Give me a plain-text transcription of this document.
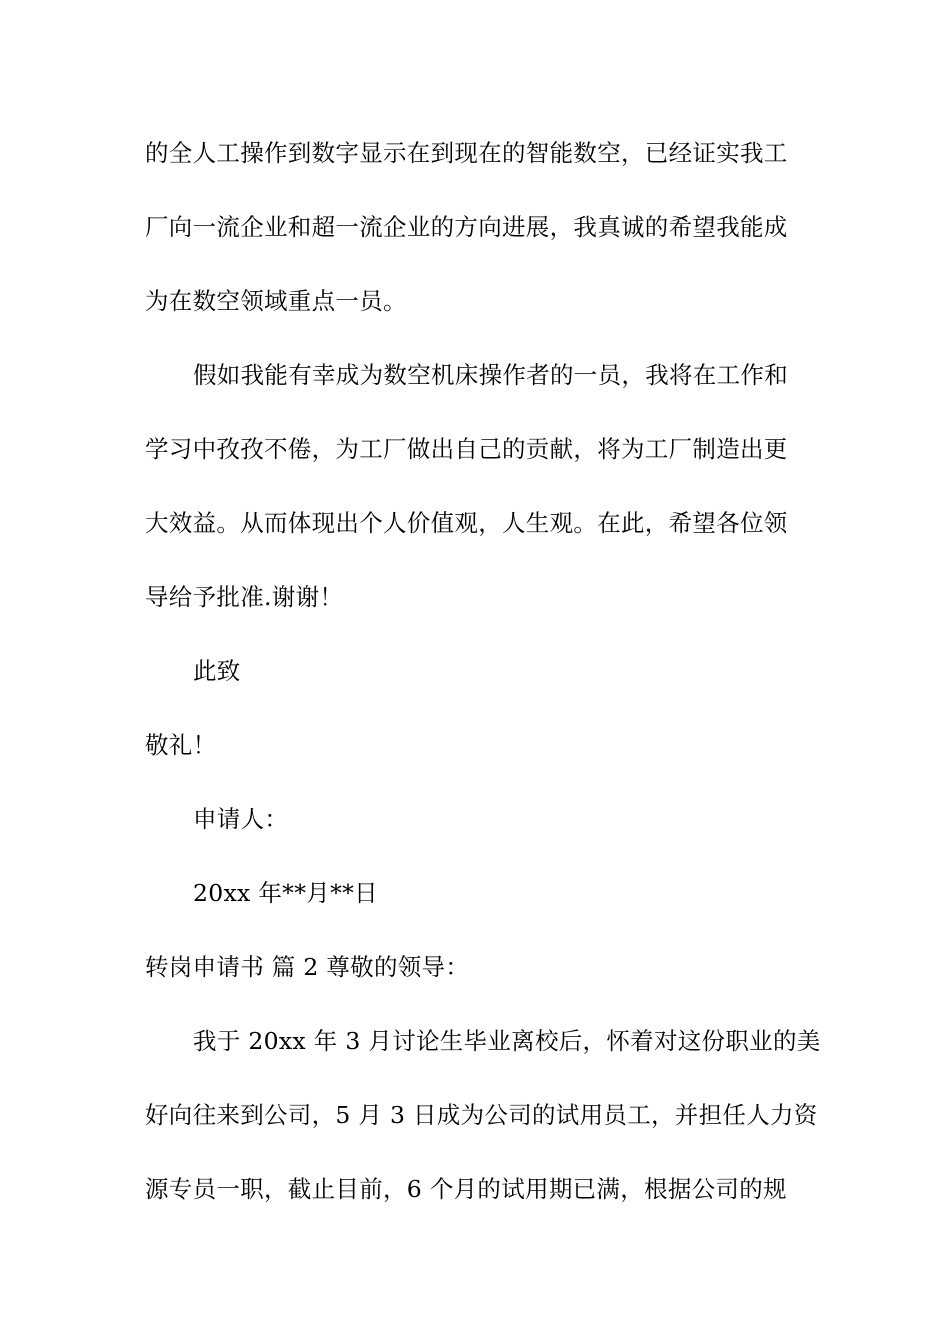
的全人工操作到数字显示在到现在的智能数空，已经证实我工
厂向一流企业和超一流企业的方向进展，我真诚的希望我能成
为在数空领域重点一员。
假如我能有幸成为数空机床操作者的一员，我将在工作和
学习中孜孜不倦，为工厂做出自己的贡献，将为工厂制造出更
大效益。从而体现出个人价值观，人生观。在此，希望各位领
导给予批准.谢谢！
此致
敬礼！
申请人：
20xx 年**月**日
转岗申请书 篇 2 尊敬的领导：
我于 20xx 年 3 月讨论生毕业离校后，怀着对这份职业的美
好向往来到公司，5 月 3 日成为公司的试用员工，并担任人力资
源专员一职，截止目前，6 个月的试用期已满，根据公司的规
